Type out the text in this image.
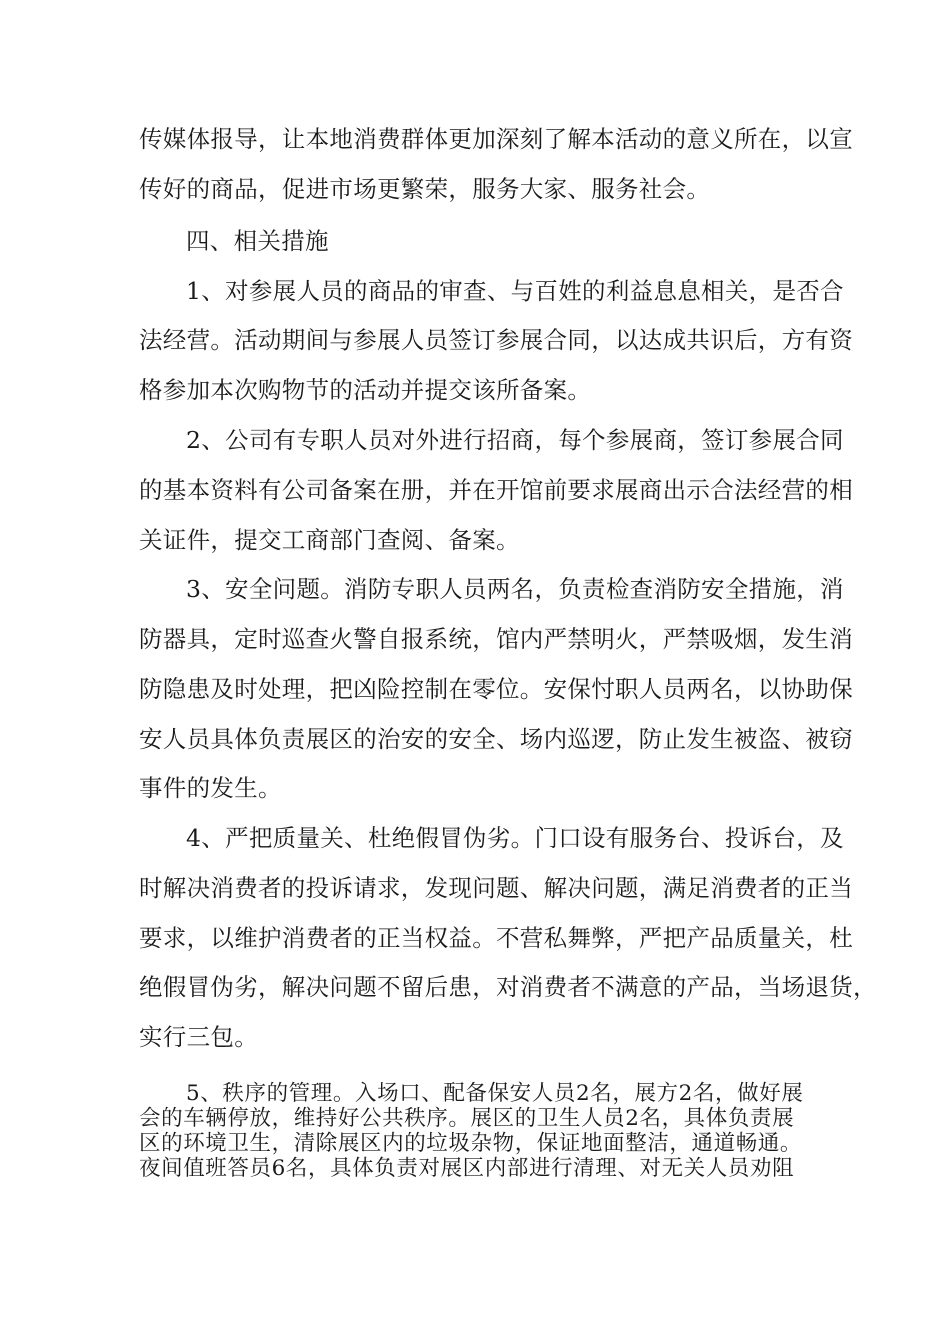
传媒体报导，让本地消费群体更加深刻了解本活动的意义所在，以宣
传好的商品，促进市场更繁荣，服务大家、服务社会。
四、相关措施
1、对参展人员的商品的审查、与百姓的利益息息相关，是否合
法经营。活动期间与参展人员签订参展合同，以达成共识后，方有资
格参加本次购物节的活动并提交该所备案。
2、公司有专职人员对外进行招商，每个参展商，签订参展合同
的基本资料有公司备案在册，并在开馆前要求展商出示合法经营的相
关证件，提交工商部门查阅、备案。
3、安全问题。消防专职人员两名，负责检查消防安全措施，消
防器具，定时巡查火警自报系统，馆内严禁明火，严禁吸烟，发生消
防隐患及时处理，把凶险控制在零位。安保忖职人员两名，以协助保
安人员具体负责展区的治安的安全、场内巡逻，防止发生被盗、被窃
事件的发生。
4、严把质量关、杜绝假冒伪劣。门口设有服务台、投诉台，及
时解决消费者的投诉请求，发现问题、解决问题，满足消费者的正当
要求，以维护消费者的正当权益。不营私舞弊，严把产品质量关，杜
绝假冒伪劣，解决问题不留后患，对消费者不满意的产品，当场退货，
实行三包。
5、秩序的管理。入场口、配备保安人员2名，展方2名，做好展
会的车辆停放，维持好公共秩序。展区的卫生人员2名，具体负责展
区的环境卫生，清除展区内的垃圾杂物，保证地面整洁，通道畅通。
夜间值班答员6名，具体负责对展区内部进行清理、对无关人员劝阻
